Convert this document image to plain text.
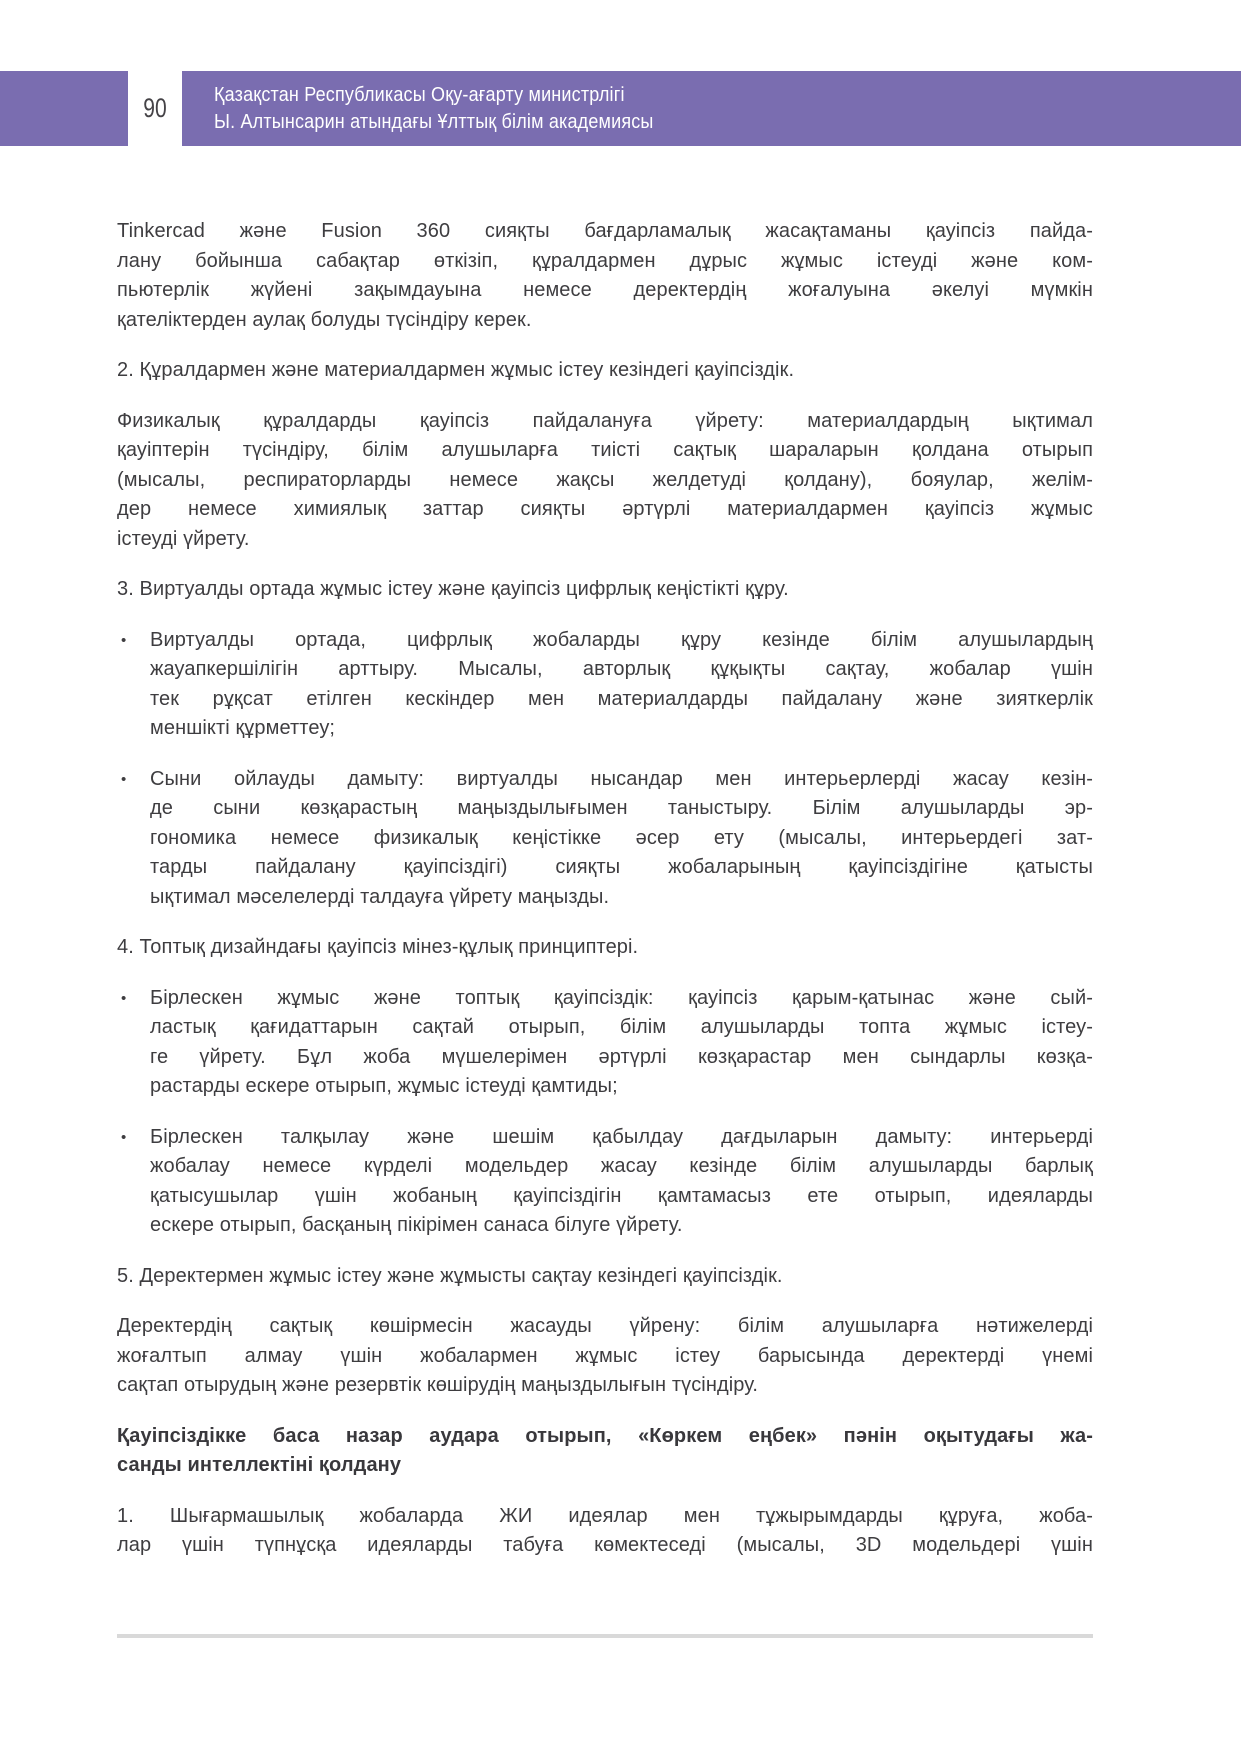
90 Қазақстан Республикасы Оқу-ағарту министрлігі
Ы. Алтынсарин атындағы Ұлттық білім академиясы
Tinkercad және Fusion 360 сияқты бағдарламалық жасақтаманы қауіпсіз пайда-
лану бойынша сабақтар өткізіп, құралдармен дұрыс жұмыс істеуді және ком-
пьютерлік жүйені зақымдауына немесе деректердің жоғалуына әкелуі мүмкін
қателіктерден аулақ болуды түсіндіру керек.
2. Құралдармен және материалдармен жұмыс істеу кезіндегі қауіпсіздік.
Физикалық құралдарды қауіпсіз пайдалануға үйрету: материалдардың ықтимал
қауіптерін түсіндіру, білім алушыларға тиісті сақтық шараларын қолдана отырып
(мысалы, респираторларды немесе жақсы желдетуді қолдану), бояулар, желім-
дер немесе химиялық заттар сияқты әртүрлі материалдармен қауіпсіз жұмыс
істеуді үйрету.
3. Виртуалды ортада жұмыс істеу және қауіпсіз цифрлық кеңістікті құру.
• Виртуалды ортада, цифрлық жобаларды құру кезінде білім алушылардың
жауапкершілігін арттыру. Мысалы, авторлық құқықты сақтау, жобалар үшін
тек рұқсат етілген кескіндер мен материалдарды пайдалану және зияткерлік
меншікті құрметтеу;
• Сыни ойлауды дамыту: виртуалды нысандар мен интерьерлерді жасау кезін-
де сыни көзқарастың маңыздылығымен таныстыру. Білім алушыларды эр-
гономика немесе физикалық кеңістікке әсер ету (мысалы, интерьердегі зат-
тарды пайдалану қауіпсіздігі) сияқты жобаларының қауіпсіздігіне қатысты
ықтимал мәселелерді талдауға үйрету маңызды.
4. Топтық дизайндағы қауіпсіз мінез-құлық принциптері.
• Бірлескен жұмыс және топтық қауіпсіздік: қауіпсіз қарым-қатынас және сый-
ластық қағидаттарын сақтай отырып, білім алушыларды топта жұмыс істеу-
ге үйрету. Бұл жоба мүшелерімен әртүрлі көзқарастар мен сындарлы көзқа-
растарды ескере отырып, жұмыс істеуді қамтиды;
• Бірлескен талқылау және шешім қабылдау дағдыларын дамыту: интерьерді
жобалау немесе күрделі модельдер жасау кезінде білім алушыларды барлық
қатысушылар үшін жобаның қауіпсіздігін қамтамасыз ете отырып, идеяларды
ескере отырып, басқаның пікірімен санаса білуге үйрету.
5. Деректермен жұмыс істеу және жұмысты сақтау кезіндегі қауіпсіздік.
Деректердің сақтық көшірмесін жасауды үйрену: білім алушыларға нәтижелерді
жоғалтып алмау үшін жобалармен жұмыс істеу барысында деректерді үнемі
сақтап отырудың және резервтік көшірудің маңыздылығын түсіндіру.
Қауіпсіздікке баса назар аудара отырып, «Көркем еңбек» пәнін оқытудағы жа-
санды интеллектіні қолдану
1. Шығармашылық жобаларда ЖИ идеялар мен тұжырымдарды құруға, жоба-
лар үшін түпнұсқа идеяларды табуға көмектеседі (мысалы, 3D модельдері үшін
